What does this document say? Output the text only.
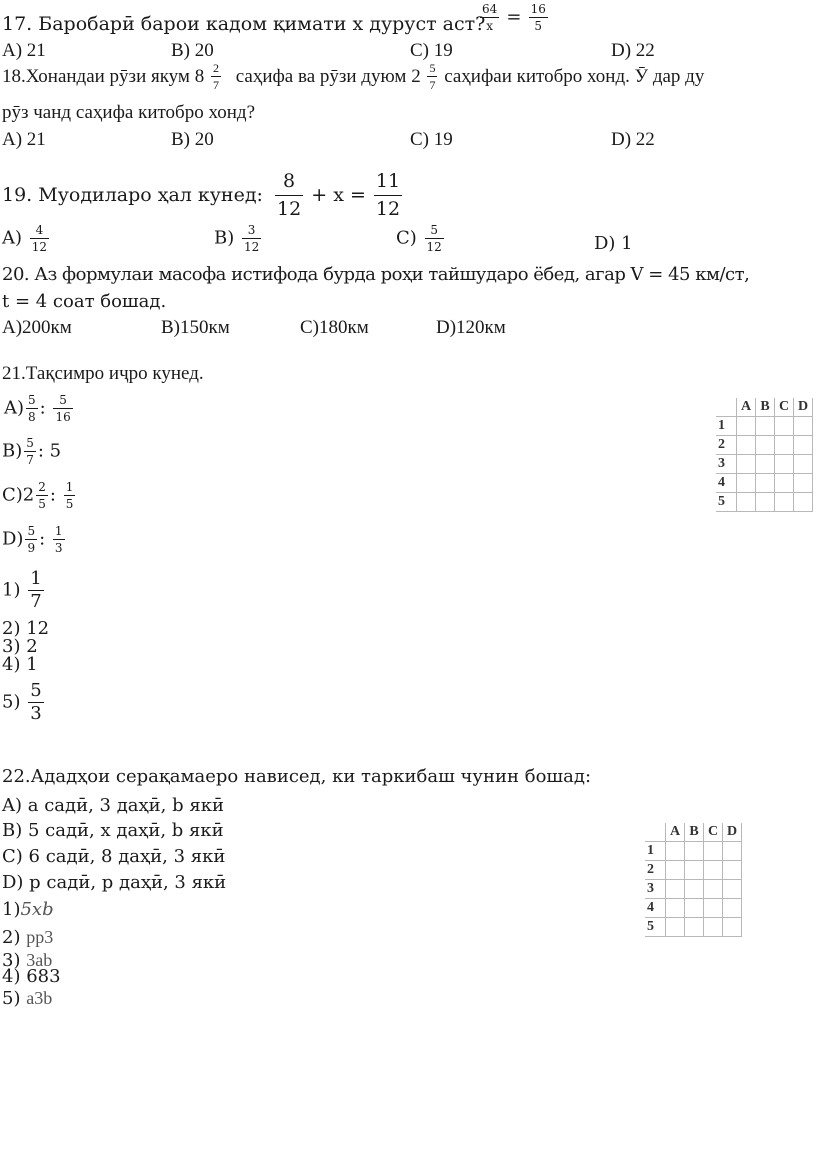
17. Баробарӣ барои кадом қимати x дуруст аст?
$\frac{64}{x} = \frac{16}{5}$
A) 21	B) 20	C) 19	D) 22
18.Хонандаи рӯзи якум $8 \frac{2}{7}$ саҳифа ва рӯзи дуюм $2 \frac{5}{7}$ саҳифаи китобро хонд. Ӯ дар ду
рӯз чанд саҳифа китобро хонд?
A) 21	B) 20	C) 19	D) 22
19. Муодиларо ҳал кунед: $\frac{8}{12} + x = \frac{11}{12}$
$A) \frac{4}{12}$	$B) \frac{3}{12}$	$C) \frac{5}{12}$	D) 1
20. Аз формулаи масофа истифода бурда роҳи тайшударо ёбед, агар V = 45 км/ст,
t = 4 соат бошад.
A)200км	B)150км	C)180км	D)120км
21.Тақсимро иҷро кунед.
$A) \frac{5}{8}$ : $\frac{5}{16}$
$B) \frac{5}{7}$ : 5
$C)2 \frac{2}{5}$ : $\frac{1}{5}$
$D) \frac{5}{9}$ : $\frac{1}{3}$
$1) \frac{1}{7}$
2) 12
3) 2
4) 1
$5) \frac{5}{3}$
	A	B	C	D
1				
2				
3				
4				
5				
22.Ададҳои серақамаеро нависед, ки таркибаш чунин бошад:
A) a садӣ, 3 даҳӣ, b якӣ
B) 5 садӣ, x даҳӣ, b якӣ
C) 6 садӣ, 8 даҳӣ, 3 якӣ
D) p садӣ, p даҳӣ, 3 якӣ
1)5xb
2) pp3
3) 3ab
4) 683
5) a3b
	A	B	C	D
1				
2				
3				
4				
5				
